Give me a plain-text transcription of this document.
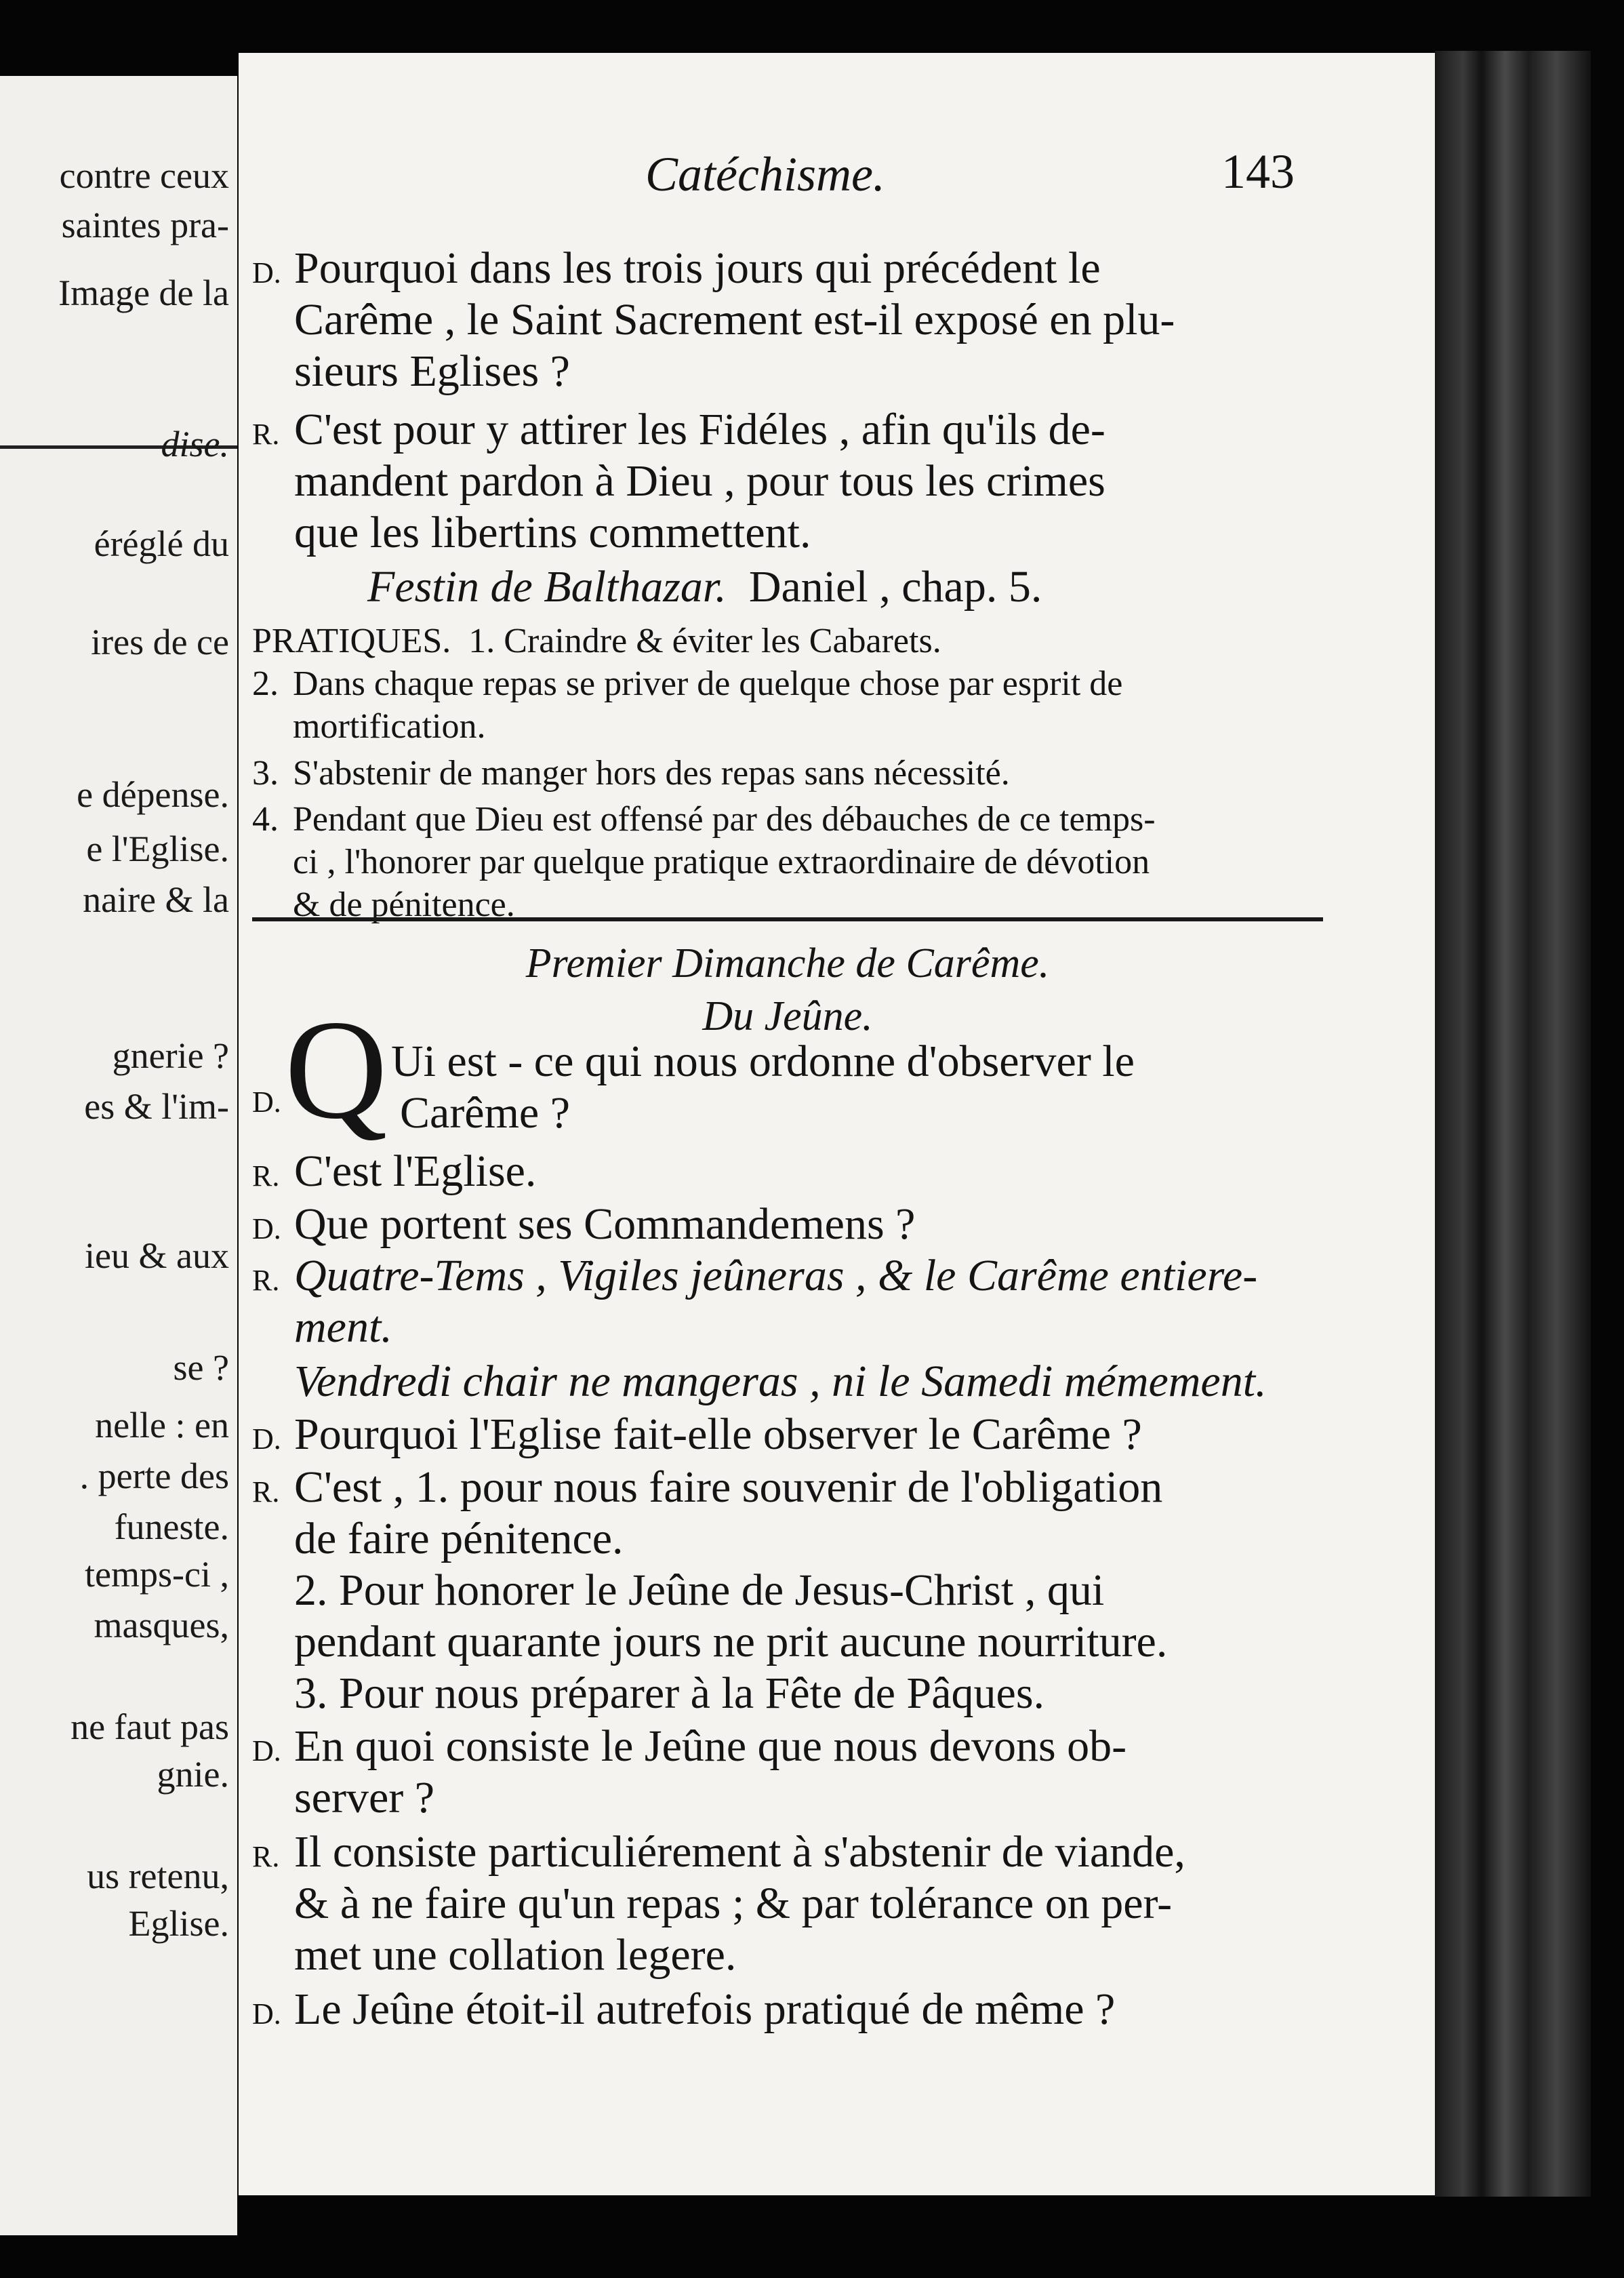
contre ceux
saintes pra-
Image de la
dise.
éréglé du
ires de ce
e dépense.
e l'Eglise.
naire & la
gnerie ?
es & l'im-
ieu & aux
se ?
nelle : en
. perte des
funeste.
temps-ci ,
masques,
ne faut pas
gnie.
us retenu,
Eglise.
Catéchisme.	143
D. Pourquoi dans les trois jours qui précédent le
Carême , le Saint Sacrement est-il exposé en plu-
sieurs Eglises ?
R. C'est pour y attirer les Fidéles , afin qu'ils de-
mandent pardon à Dieu , pour tous les crimes
que les libertins commettent.
Festin de Balthazar. Daniel , chap. 5.
PRATIQUES. 1. Craindre & éviter les Cabarets.
2. Dans chaque repas se priver de quelque chose par esprit de
mortification.
3. S'abstenir de manger hors des repas sans nécessité.
4. Pendant que Dieu est offensé par des débauches de ce temps-
ci , l'honorer par quelque pratique extraordinaire de dévotion
& de pénitence.
Premier Dimanche de Carême.
Du Jeûne.
D. Q Ui est - ce qui nous ordonne d'observer le
Carême ?
R. C'est l'Eglise.
D. Que portent ses Commandemens ?
R. Quatre-Tems , Vigiles jeûneras , & le Carême entiere-
ment.
Vendredi chair ne mangeras , ni le Samedi mémement.
D. Pourquoi l'Eglise fait-elle observer le Carême ?
R. C'est , 1. pour nous faire souvenir de l'obligation
de faire pénitence.
2. Pour honorer le Jeûne de Jesus-Christ , qui
pendant quarante jours ne prit aucune nourriture.
3. Pour nous préparer à la Fête de Pâques.
D. En quoi consiste le Jeûne que nous devons ob-
server ?
R. Il consiste particuliérement à s'abstenir de viande,
& à ne faire qu'un repas ; & par tolérance on per-
met une collation legere.
D. Le Jeûne étoit-il autrefois pratiqué de même ?
